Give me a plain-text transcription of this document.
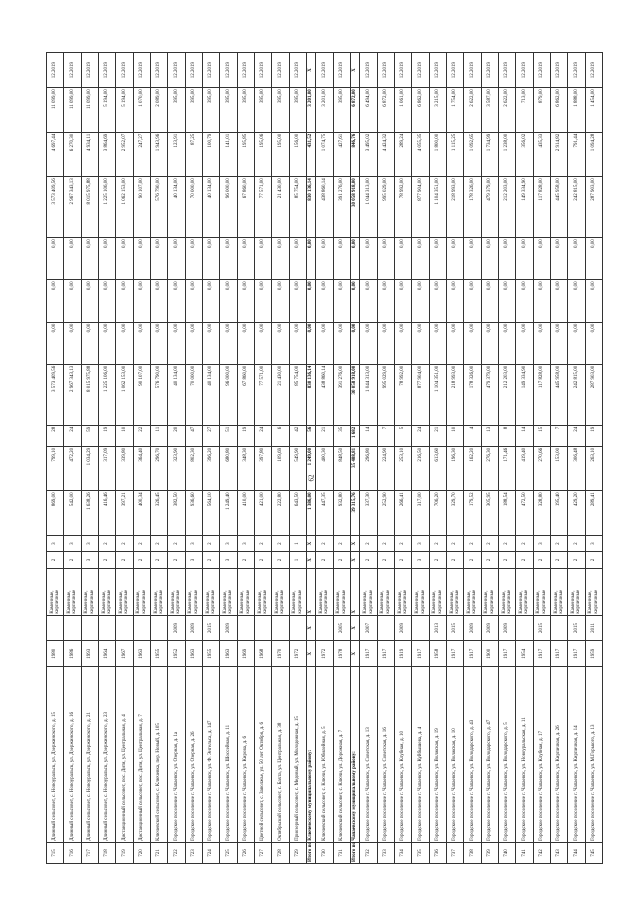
715	Длинный сельсовет, с. Новоуральск, ул. Дзержинского, д. 15	1980		Каменные, кирпичные	2	3	869,00	799,10	28	3 573 409,56	0,00	0,00	0,00	3 573 409,56	4 697,44	11 099,00	12.2019
716	Длинный сельсовет, с. Новоуральск, ул. Дзержинского, д. 16	1986		Каменные, кирпичные	2	3	542,00	472,20	24	2 967 343,13	0,00	0,00	0,00	2 967 343,13	6 270,30	11 099,00	12.2019
717	Длинный сельсовет, с. Новоуральск, ул. Дзержинского, д. 21	1993		Каменные, кирпичные	3	3	1 638,26	1 034,29	59	8 015 975,88	0,00	0,00	0,00	8 015 975,88	4 934,11	11 099,00	12.2019
718	Длинный сельсовет, с. Новоуральск, ул. Дзержинского, д. 23	1964		Каменные, кирпичные	2	2	416,46	317,09	19	1 225 106,00	0,00	0,00	0,00	1 225 106,00	3 864,69	5 194,00	12.2019
719	Дистанционный сельсовет, пос. Дитя, ул. Центральная, д. 4	1967		Каменные, кирпичные	2	2	397,21	339,80	10	1 062 153,00	0,00	0,00	0,00	1 062 153,00	2 952,07	5 194,00	12.2019
720	Дистанционный сельсовет, пос. Дитя, ул. Центральная, д. 7	1963		Каменные, кирпичные	2	2	400,34	364,40	22	90 107,00	0,00	0,00	0,00	90 107,00	247,27	1 070,00	12.2019
721	Ключевской сельсовет, с. Ключевка, пер. Новый, д. 105	1955		Каменные, кирпичные	2	2	326,45	296,70	11	576 790,00	0,00	0,00	0,00	576 790,00	1 943,96	2 089,00	12.2019
722	Городское поселение г. Чапаевск, ул. Озерная, д. 1а	1952	2009	Каменные, кирпичные	2	2	382,50	323,90	20	40 134,00	0,00	0,00	0,00	40 134,00	123,91	395,00	12.2019
723	Городское поселение г. Чапаевск, ул. Озерная, д. 26	1963	2009	Каменные, кирпичные	3	3	936,60	802,30	47	70 000,00	0,00	0,00	0,00	70 000,00	87,25	395,00	12.2019
724	Городское поселение г. Чапаевск, ул. Ф. Энгельса, д. 147	1955	2015	Каменные, кирпичные	2	2	564,10	396,20	27	40 134,00	0,00	0,00	0,00	40 134,00	100,79	395,00	12.2019
725	Городское поселение г. Чапаевск, ул. Шоссейная, д. 11	1963	2009	Каменные, кирпичные	3	3	1 249,40	680,80	51	96 000,00	0,00	0,00	0,00	96 000,00	141,01	395,00	12.2019
726	Городское поселение г. Чапаевск, ул. Кирова, д. 6	1969		Каменные, кирпичные	2	3	410,00	348,30	19	67 860,00	0,00	0,00	0,00	67 860,00	195,85	395,00	12.2019
727	Цветной сельсовет, с. Заволжье, ул. 50 лет Октября, д. 6	1968		Каменные, кирпичные	2	2	421,00	397,80	24	77 571,00	0,00	0,00	0,00	77 571,00	195,06	395,00	12.2019
728	Октябрьский сельсовет, с. Бахта, ул. Центральная, д. 38	1970		Каменные, кирпичные	2	2	222,80	109,69	6	21 430,00	0,00	0,00	0,00	21 430,00	195,00	395,00	12.2019
729	Приозерный сельсовет, с. Медовый, ул. Молодежная, д. 15	1972		Каменные, кирпичные	1	1	643,50	549,90	42	85 754,00	0,00	0,00	0,00	85 754,00	156,00	395,00	12.2019
Итого по Ключевскому муниципальному району:		X	X	X	X	X	1 386,00	1 249,00	56	830 136,14	0,00	0,00	0,00	830 136,14	431,52	3 201,00	X
730	Ключевский сельсовет, с. Ключи, ул. Юбилейная, д. 5	1972		Каменные, кирпичные	2	2	447,35	400,30	21	438 860,14	0,00	0,00	0,00	438 860,14	1 074,75	3 201,00	12.2019
731	Ключевский сельсовет, с. Ключи, ул. Дорожная, д. 7	1978	2005	Каменные, кирпичные	2	2	932,80	848,50	35	391 276,00	0,00	0,00	0,00	391 276,00	427,61	395,00	12.2019
Итого по Чапаевскому муниципальному району:		X	X	X	X	X	39 315,76	35 488,81	1 682	30 058 918,00	0,00	0,00	0,00	30 058 918,00	846,76	6 872,00	X
732	Городское поселение г. Чапаевск, ул. Советская, д. 13	1917	2007	Каменные, кирпичные	2	2	337,30	296,80	14	1 044 313,00	0,00	0,00	0,00	1 044 313,00	3 495,02	6 494,00	12.2019
733	Городское поселение г. Чапаевск, ул. Советская, д. 16	1917		Каменные, кирпичные	2	2	252,90	224,90	7	995 029,00	0,00	0,00	0,00	995 029,00	4 424,32	6 872,00	12.2019
734	Городское поселение г. Чапаевск, ул. Клубная, д. 10	1919	2009	Каменные, кирпичные	2	2	266,41	253,10	5	78 992,00	0,00	0,00	0,00	78 992,00	289,24	1 061,00	12.2019
735	Городское поселение г. Чапаевск, ул. Куйбышева, д. 4	1917		Каменные, кирпичные	3	3	317,00	216,50	24	877 904,00	0,00	0,00	0,00	877 904,00	4 055,35	6 862,00	12.2019
736	Городское поселение г. Чапаевск, ул. Волжская, д. 19	1958	2013	Каменные, кирпичные	2	2	706,20	613,60	21	1 104 351,00	0,00	0,00	0,00	1 104 351,00	1 800,00	3 215,00	12.2019
737	Городское поселение г. Чапаевск, ул. Волжская, д. 10	1917	2015	Каменные, кирпичные	2	2	329,70	196,30	10	218 993,00	0,00	0,00	0,00	218 993,00	1 115,25	1 754,00	12.2019
738	Городское поселение г. Чапаевск, ул. Володарского, д. 43	1917	2009	Каменные, кирпичные	2	2	179,52	162,20	4	178 326,00	0,00	0,00	0,00	178 326,00	1 092,65	2 622,00	12.2019
739	Городское поселение г. Чапаевск, ул. Володарского, д. 47	1900	2009	Каменные, кирпичные	2	2	305,95	276,30	13	479 379,00	0,00	0,00	0,00	479 379,00	1 734,99	3 587,00	12.2019
740	Городское поселение г. Чапаевск, ул. Володарского, д. 5	1917	2009	Каменные, кирпичные	2	2	188,54	171,46	8	212 203,00	0,00	0,00	0,00	212 203,00	1 238,00	2 622,00	12.2019
741	Городское поселение г. Чапаевск, ул. Новоуральская, д. 11	1954		Каменные, кирпичные	2	2	472,50	419,40	14	149 334,90	0,00	0,00	0,00	149 334,90	356,02	713,00	12.2019
742	Городское поселение г. Чапаевск, ул. Клубная, д. 17	1917	2015	Каменные, кирпичные	2	3	328,80	270,66	15	117 828,00	0,00	0,00	0,00	117 828,00	435,33	879,00	12.2019
743	Городское поселение г. Чапаевск, ул. Кирпичная, д. 26	1917		Каменные, кирпичные	2	2	195,40	153,00	7	445 958,00	0,00	0,00	0,00	445 958,00	2 914,82	6 862,00	12.2019
744	Городское поселение г. Чапаевск, ул. Кирпичная, д. 14	1917	2015	Каменные, кирпичные	2	2	429,20	306,48	24	242 815,00	0,00	0,00	0,00	242 815,00	791,44	1 888,00	12.2019
745	Городское поселение г. Чапаевск, ул. М.Горького, д. 13	1959	2011	Каменные, кирпичные	2	3	289,41	263,10	19	287 903,00	0,00	0,00	0,00	287 903,00	1 094,28	1 454,00	12.2019
62
